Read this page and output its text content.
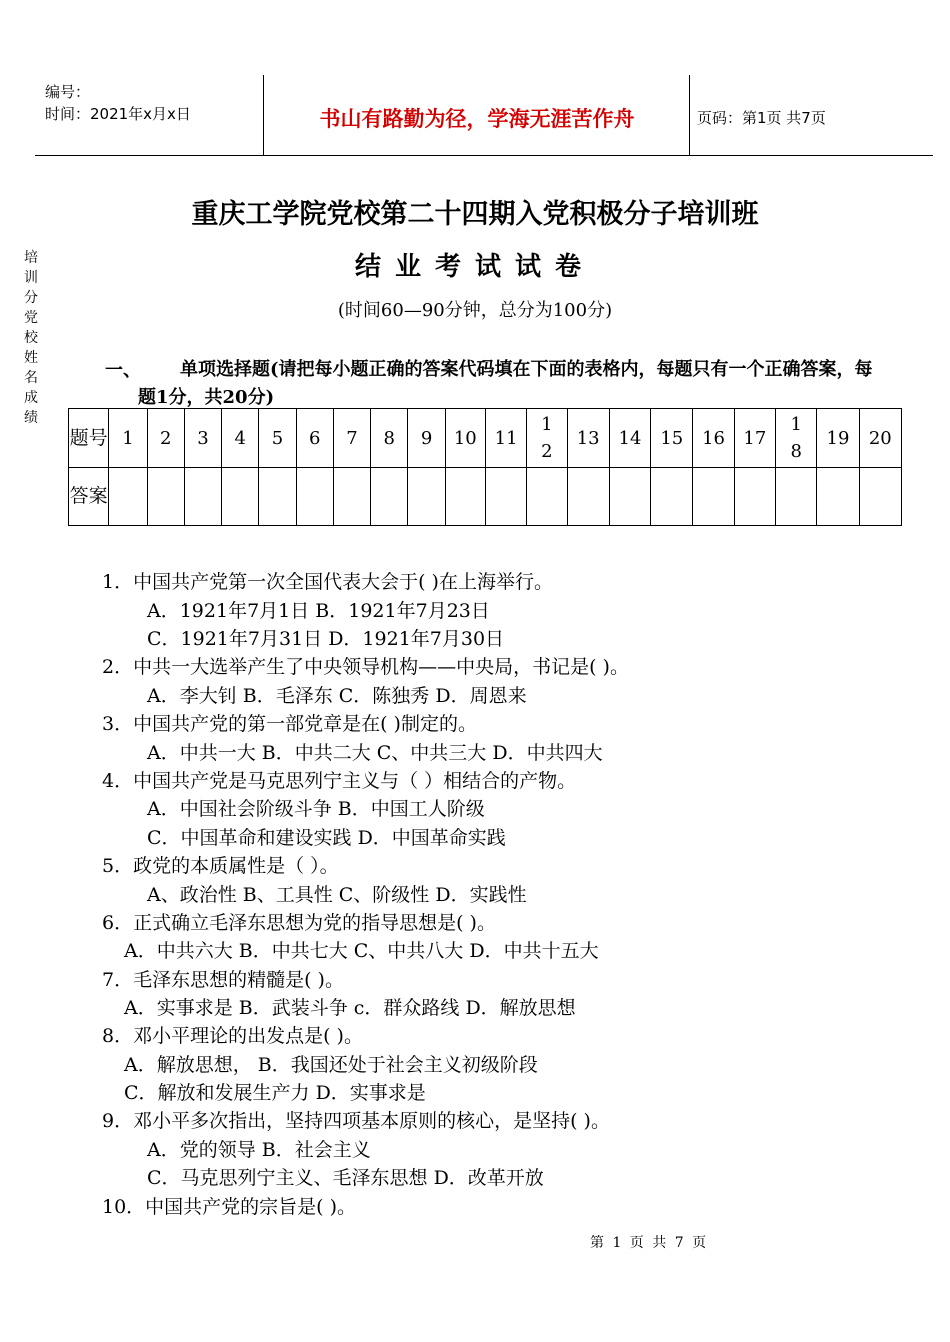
编号：
时间：2021年x月x日	书山有路勤为径，学海无涯苦作舟	页码：第1页 共7页
培训分党校姓名成绩
重庆工学院党校第二十四期入党积极分子培训班
结业考试试卷
(时间60—90分钟，总分为100分)
一、	单项选择题(请把每小题正确的答案代码填在下面的表格内，每题只有一个正确答案，每题1分，共20分)
题号	1	2	3	4	5	6	7	8	9	10	11	12	13	14	15	16	17	18	19	20
答案																				
1．中国共产党第一次全国代表大会于( )在上海举行。
A．1921年7月1日 B．1921年7月23日
C．1921年7月31日 D．1921年7月30日
2．中共一大选举产生了中央领导机构——中央局，书记是( )。
A．李大钊 B．毛泽东 C．陈独秀 D．周恩来
3．中国共产党的第一部党章是在( )制定的。
A．中共一大 B．中共二大 C、中共三大 D．中共四大
4．中国共产党是马克思列宁主义与（ ）相结合的产物。
A．中国社会阶级斗争 B．中国工人阶级
C．中国革命和建设实践 D．中国革命实践
5．政党的本质属性是（ ）。
A、政治性 B、工具性 C、阶级性 D．实践性
6．正式确立毛泽东思想为党的指导思想是( )。
A．中共六大 B．中共七大 C、中共八大 D．中共十五大
7．毛泽东思想的精髓是( )。
A．实事求是 B．武装斗争 c．群众路线 D．解放思想
8．邓小平理论的出发点是( )。
A．解放思想， B．我国还处于社会主义初级阶段
C．解放和发展生产力 D．实事求是
9．邓小平多次指出，坚持四项基本原则的核心，是坚持( )。
A．党的领导 B．社会主义
C．马克思列宁主义、毛泽东思想 D．改革开放
10．中国共产党的宗旨是( )。
第 1 页 共 7 页
